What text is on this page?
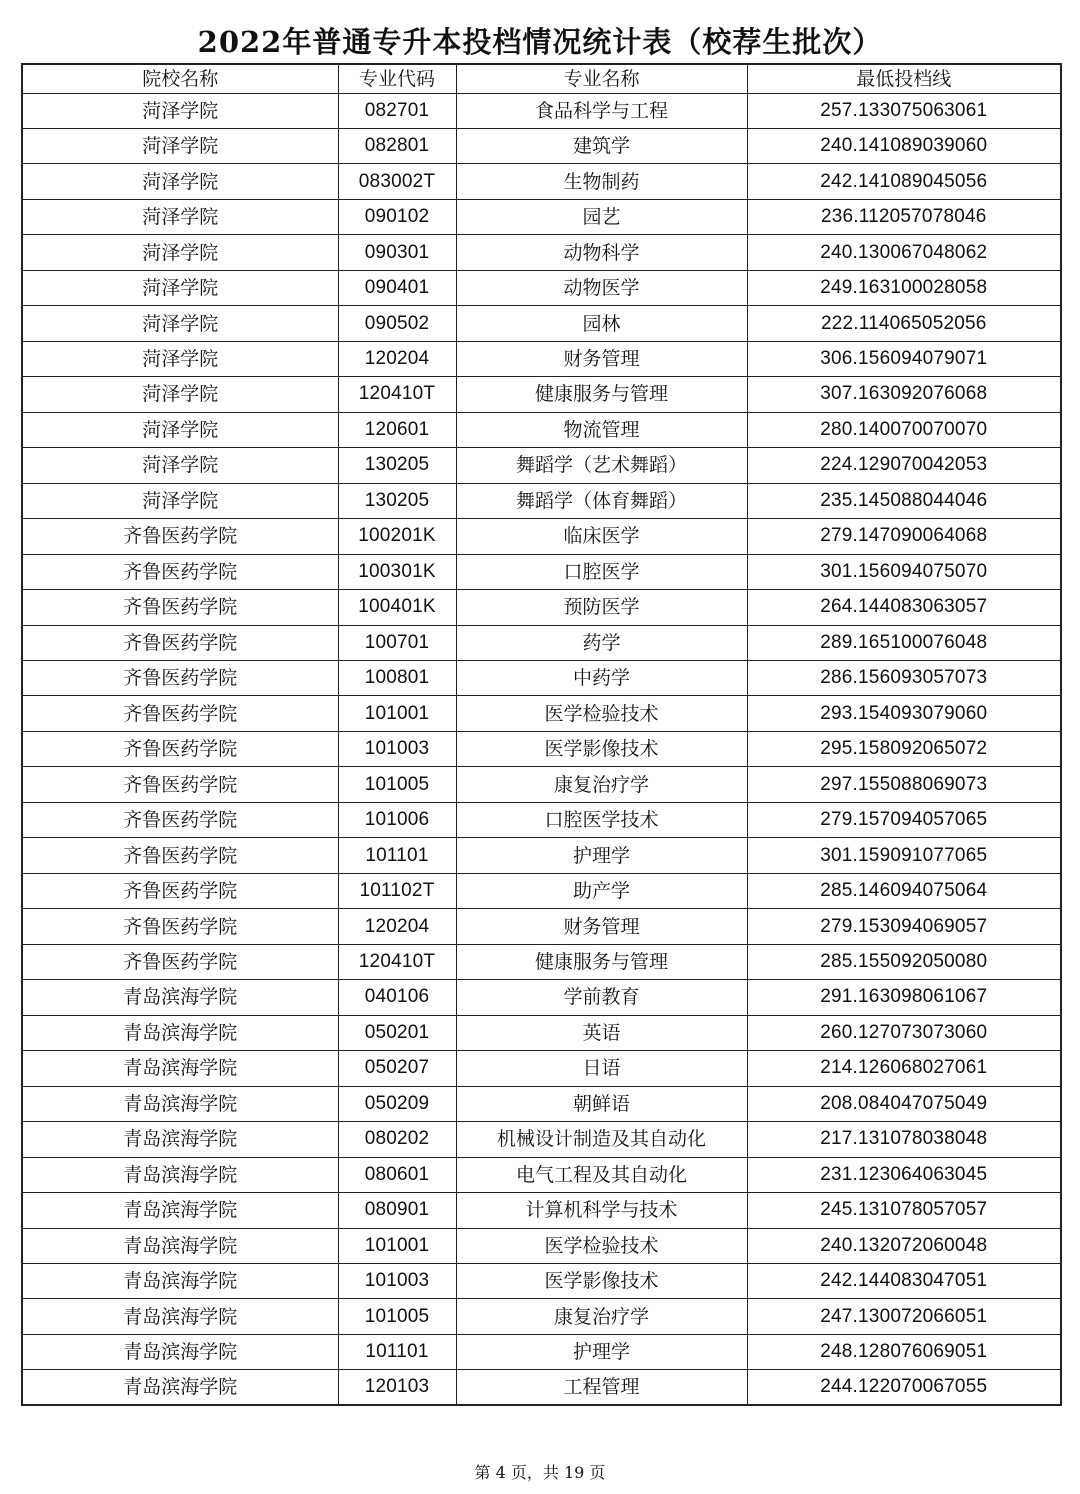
2022年普通专升本投档情况统计表（校荐生批次）
院校名称	专业代码	专业名称	最低投档线
菏泽学院	082701	食品科学与工程	257.133075063061
菏泽学院	082801	建筑学	240.141089039060
菏泽学院	083002T	生物制药	242.141089045056
菏泽学院	090102	园艺	236.112057078046
菏泽学院	090301	动物科学	240.130067048062
菏泽学院	090401	动物医学	249.163100028058
菏泽学院	090502	园林	222.114065052056
菏泽学院	120204	财务管理	306.156094079071
菏泽学院	120410T	健康服务与管理	307.163092076068
菏泽学院	120601	物流管理	280.140070070070
菏泽学院	130205	舞蹈学（艺术舞蹈）	224.129070042053
菏泽学院	130205	舞蹈学（体育舞蹈）	235.145088044046
齐鲁医药学院	100201K	临床医学	279.147090064068
齐鲁医药学院	100301K	口腔医学	301.156094075070
齐鲁医药学院	100401K	预防医学	264.144083063057
齐鲁医药学院	100701	药学	289.165100076048
齐鲁医药学院	100801	中药学	286.156093057073
齐鲁医药学院	101001	医学检验技术	293.154093079060
齐鲁医药学院	101003	医学影像技术	295.158092065072
齐鲁医药学院	101005	康复治疗学	297.155088069073
齐鲁医药学院	101006	口腔医学技术	279.157094057065
齐鲁医药学院	101101	护理学	301.159091077065
齐鲁医药学院	101102T	助产学	285.146094075064
齐鲁医药学院	120204	财务管理	279.153094069057
齐鲁医药学院	120410T	健康服务与管理	285.155092050080
青岛滨海学院	040106	学前教育	291.163098061067
青岛滨海学院	050201	英语	260.127073073060
青岛滨海学院	050207	日语	214.126068027061
青岛滨海学院	050209	朝鲜语	208.084047075049
青岛滨海学院	080202	机械设计制造及其自动化	217.131078038048
青岛滨海学院	080601	电气工程及其自动化	231.123064063045
青岛滨海学院	080901	计算机科学与技术	245.131078057057
青岛滨海学院	101001	医学检验技术	240.132072060048
青岛滨海学院	101003	医学影像技术	242.144083047051
青岛滨海学院	101005	康复治疗学	247.130072066051
青岛滨海学院	101101	护理学	248.128076069051
青岛滨海学院	120103	工程管理	244.122070067055
第 4 页，共 19 页
